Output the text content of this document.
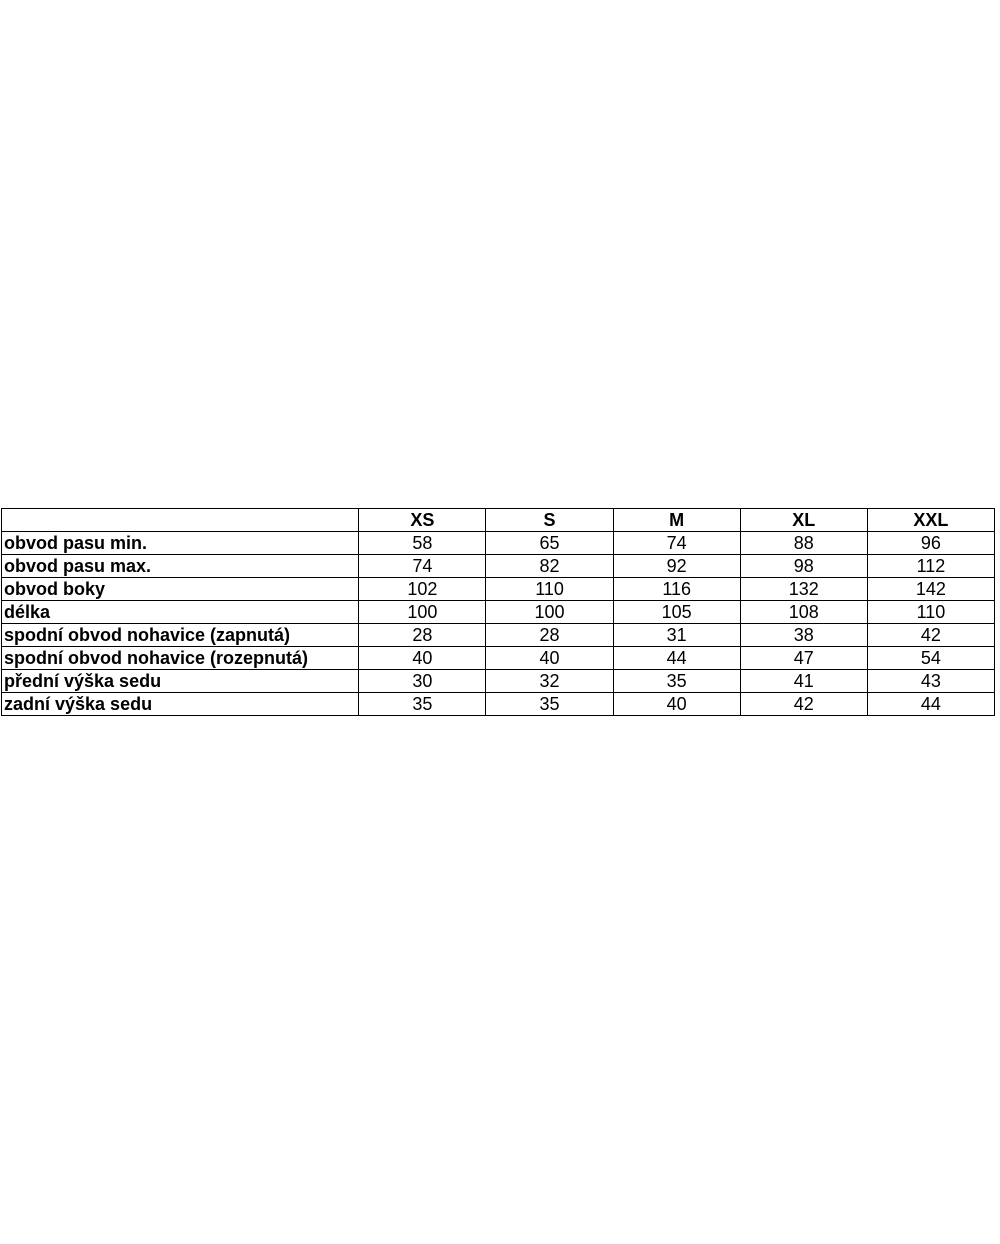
	XS	S	M	XL	XXL
obvod pasu min.	58	65	74	88	96
obvod pasu max.	74	82	92	98	112
obvod boky	102	110	116	132	142
délka	100	100	105	108	110
spodní obvod nohavice (zapnutá)	28	28	31	38	42
spodní obvod nohavice (rozepnutá)	40	40	44	47	54
přední výška sedu	30	32	35	41	43
zadní výška sedu	35	35	40	42	44
